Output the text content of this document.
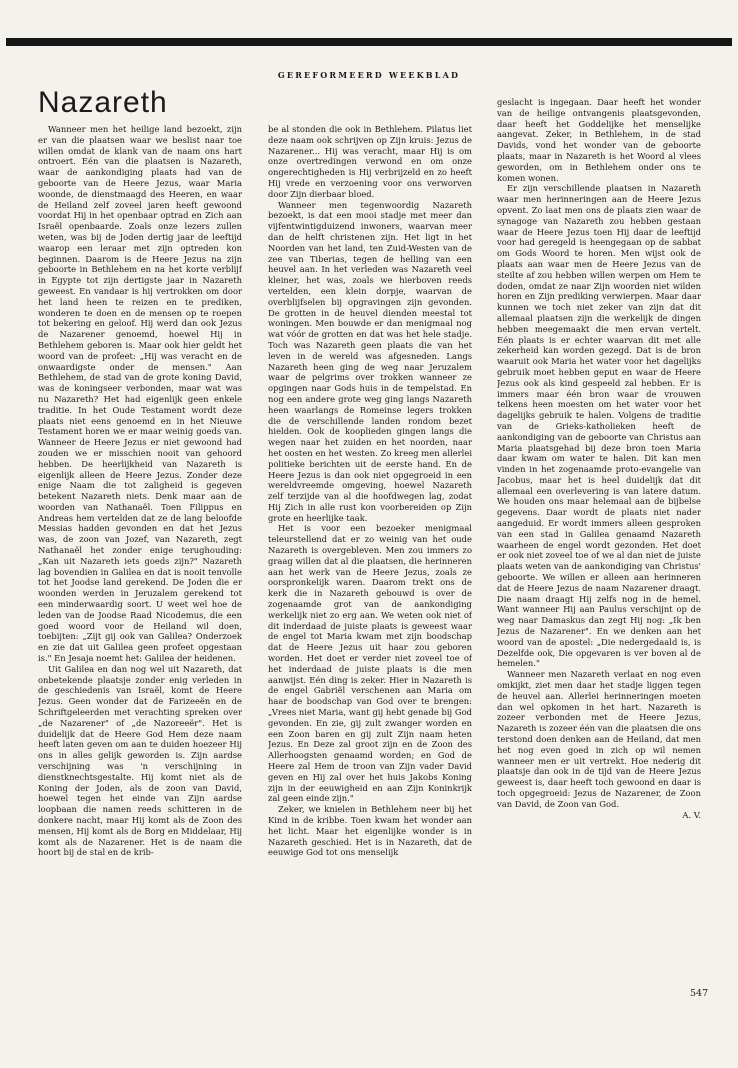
GEREFORMEERD WEEKBLAD
Nazareth

Wanneer men het heilige land bezoekt, zijn er van die plaatsen waar we beslist naar toe willen omdat de klank van de naam ons hart ontroert. Eén van die plaatsen is Nazareth, waar de aankondiging plaats had van de geboorte van de Heere Jezus, waar Maria woonde, de dienstmaagd des Heeren, en waar de Heiland zelf zoveel jaren heeft gewoond voordat Hij in het openbaar optrad en Zich aan Israël openbaarde. Zoals onze lezers zullen weten, was bij de Joden dertig jaar de leeftijd waarop een leraar met zijn optreden kon beginnen. Daarom is de Heere Jezus na zijn geboorte in Bethlehem en na het korte verblijf in Egypte tot zijn dertigste jaar in Nazareth geweest. En vandaar is hij vertrokken om door het land heen te reizen en te prediken, wonderen te doen en de mensen op te roepen tot bekering en geloof. Hij werd dan ook Jezus de Nazarener genoemd, hoewel Hij in Bethlehem geboren is. Maar ook hier geldt het woord van de profeet: „Hij was veracht en de onwaardigste onder de mensen." Aan Bethlehem, de stad van de grote koning David, was de koningseer verbonden, maar wat was nu Nazareth? Het had eigenlijk geen enkele traditie. In het Oude Testament wordt deze plaats niet eens genoemd en in het Nieuwe Testament horen we er maar weinig goeds van. Wanneer de Heere Jezus er niet gewoond had zouden we er misschien nooit van gehoord hebben. De heerlijkheid van Nazareth is eigenlijk alleen de Heere Jezus. Zonder deze enige Naam die tot zaligheid is gegeven betekent Nazareth niets. Denk maar aan de woorden van Nathanaël. Toen Filippus en Andreas hem vertelden dat ze de lang beloofde Messias hadden gevonden en dat het Jezus was, de zoon van Jozef, van Nazareth, zegt Nathanaël het zonder enige terughouding: „Kan uit Nazareth iets goeds zijn?" Nazareth lag bovendien in Galilea en dat is nooit tenvolle tot het Joodse land gerekend. De Joden die er woonden werden in Jeruzalem gerekend tot een minderwaardig soort. U weet wel hoe de leden van de Joodse Raad Nicodemus, die een goed woord voor de Heiland wil doen, toebijten: „Zijt gij ook van Galilea? Onderzoek en zie dat uit Galilea geen profeet opgestaan is." En Jesaja noemt het: Galilea der heidenen.

Uit Galilea en dan nog wel uit Nazareth, dat onbetekende plaatsje zonder enig verleden in de geschiedenis van Israël, komt de Heere Jezus. Geen wonder dat de Farizeeën en de Schriftgeleerden met verachting spreken over „de Nazarener" of „de Nazoreeër". Het is duidelijk dat de Heere God Hem deze naam heeft laten geven om aan te duiden hoezeer Hij ons in alles gelijk geworden is. Zijn aardse verschijning was 'n verschijning in dienstknechtsgestalte. Hij komt niet als de Koning der Joden, als de zoon van David, hoewel tegen het einde van Zijn aardse loopbaan die namen reeds schitteren in de donkere nacht, maar Hij komt als de Zoon des mensen, Hij komt als de Borg en Middelaar, Hij komt als de Nazarener. Het is de naam die hoort bij de stal en de krib-

be al stonden die ook in Bethlehem. Pilatus liet deze naam ook schrijven op Zijn kruis: Jezus de Nazarener... Hij was veracht, maar Hij is om onze overtredingen verwond en om onze ongerechtigheden is Hij verbrijzeld en zo heeft Hij vrede en verzoening voor ons verworven door Zijn dierbaar bloed.

Wanneer men tegenwoordig Nazareth bezoekt, is dat een mooi stadje met meer dan vijfentwintigduizend inwoners, waarvan meer dan de helft christenen zijn. Het ligt in het Noorden van het land, ten Zuid-Westen van de zee van Tiberias, tegen de helling van een heuvel aan. In het verleden was Nazareth veel kleiner, het was, zoals we hierboven reeds vertelden, een klein dorpje, waarvan de overblijfselen bij opgravingen zijn gevonden. De grotten in de heuvel dienden meestal tot woningen. Men bouwde er dan menigmaal nog wat vóór de grotten en dat was het hele stadje. Toch was Nazareth geen plaats die van het leven in de wereld was afgesneden. Langs Nazareth heen ging de weg naar Jeruzalem waar de pelgrims over trokken wanneer ze opgingen naar Gods huis in de tempelstad. En nog een andere grote weg ging langs Nazareth heen waarlangs de Romeinse legers trokken die de verschillende landen rondom bezet hielden. Ook de kooplieden gingen langs die wegen naar het zuiden en het noorden, naar het oosten en het westen. Zo kreeg men allerlei politieke berichten uit de eerste hand. En de Heere Jezus is dan ook niet opgegroeid in een wereldvreemde omgeving, hoewel Nazareth zelf terzijde van al die hoofdwegen lag, zodat Hij Zich in alle rust kon voorbereiden op Zijn grote en heerlijke taak.

Het is voor een bezoeker menigmaal teleurstellend dat er zo weinig van het oude Nazareth is overgebleven. Men zou immers zo graag willen dat al die plaatsen, die herinneren aan het werk van de Heere Jezus, zoals ze oorspronkelijk waren. Daarom trekt ons de kerk die in Nazareth gebouwd is over de zogenaamde grot van de aankondiging werkelijk niet zo erg aan. We weten ook niet of dit inderdaad de juiste plaats is geweest waar de engel tot Maria kwam met zijn boodschap dat de Heere Jezus uit haar zou geboren worden. Het doet er verder niet zoveel toe of het inderdaad de juiste plaats is die men aanwijst. Eén ding is zeker. Hier in Nazareth is de engel Gabriël verschenen aan Maria om haar de boodschap van God over te brengen: „Vrees niet Maria, want gij hebt genade bij God gevonden. En zie, gij zult zwanger worden en een Zoon baren en gij zult Zijn naam heten Jezus. En Deze zal groot zijn en de Zoon des Allerhoogsten genaamd worden; en God de Heere zal Hem de troon van Zijn vader David geven en Hij zal over het huis Jakobs Koning zijn in der eeuwigheid en aan Zijn Koninkrijk zal geen einde zijn."

Zeker, we knielen in Bethlehem neer bij het Kind in de kribbe. Toen kwam het wonder aan het licht. Maar het eigenlijke wonder is in Nazareth geschied. Het is in Nazareth, dat de eeuwige God tot ons menselijk

geslacht is ingegaan. Daar heeft het wonder van de heilige ontvangenis plaatsgevonden, daar heeft het Goddelijke het menselijke aangevat. Zeker, in Bethlehem, in de stad Davids, vond het wonder van de geboorte plaats, maar in Nazareth is het Woord al vlees geworden, om in Bethlehem onder ons te komen wonen.

Er zijn verschillende plaatsen in Nazareth waar men herinneringen aan de Heere Jezus opvent. Zo laat men ons de plaats zien waar de synagoge van Nazareth zou hebben gestaan waar de Heere Jezus toen Hij daar de leeftijd voor had geregeld is heengegaan op de sabbat om Gods Woord te horen. Men wijst ook de plaats aan waar men de Heere Jezus van de steilte af zou hebben willen werpen om Hem te doden, omdat ze naar Zijn woorden niet wilden horen en Zijn prediking verwierpen. Maar daar kunnen we toch niet zeker van zijn dat dit allemaal plaatsen zijn die werkelijk de dingen hebben meegemaakt die men ervan vertelt. Eén plaats is er echter waarvan dit met alle zekerheid kan worden gezegd. Dat is de bron waaruit ook Maria het water voor het dagelijks gebruik moet hebben geput en waar de Heere Jezus ook als kind gespeeld zal hebben. Er is immers maar één bron waar de vrouwen telkens heen moesten om het water voor het dagelijks gebruik te halen. Volgens de traditie van de Grieks-katholieken heeft de aankondiging van de geboorte van Christus aan Maria plaatsgehad bij deze bron toen Maria daar kwam om water te halen. Dit kan men vinden in het zogenaamde proto-evangelie van Jacobus, maar het is heel duidelijk dat dit allemaal een overlevering is van latere datum. We houden ons maar helemaal aan de bijbelse gegevens. Daar wordt de plaats niet nader aangeduid. Er wordt immers alleen gesproken van een stad in Galilea genaamd Nazareth waarheen de engel wordt gezonden. Het doet er ook niet zoveel toe of we al dan niet de juiste plaats weten van de aankondiging van Christus' geboorte. We willen er alleen aan herinneren dat de Heere Jezus de naam Nazarener draagt. Die naam draagt Hij zelfs nog in de hemel. Want wanneer Hij aan Paulus verschijnt op de weg naar Damaskus dan zegt Hij nog: „Ik ben Jezus de Nazarener". En we denken aan het woord van de apostel: „Die nedergedaald is, is Dezelfde ook, Die opgevaren is ver boven al de hemelen."

Wanneer men Nazareth verlaat en nog even omkijkt, ziet men daar het stadje liggen tegen de heuvel aan. Allerlei herinneringen moeten dan wel opkomen in het hart. Nazareth is zozeer verbonden met de Heere Jezus, Nazareth is zozeer één van die plaatsen die ons terstond doen denken aan de Heiland, dat men het nog even goed in zich op wil nemen wanneer men er uit vertrekt. Hoe nederig dit plaatsje dan ook in de tijd van de Heere Jezus geweest is, daar heeft toch gewoond en daar is toch opgegroeid: Jezus de Nazarener, de Zoon van David, de Zoon van God.

A. V.

547
